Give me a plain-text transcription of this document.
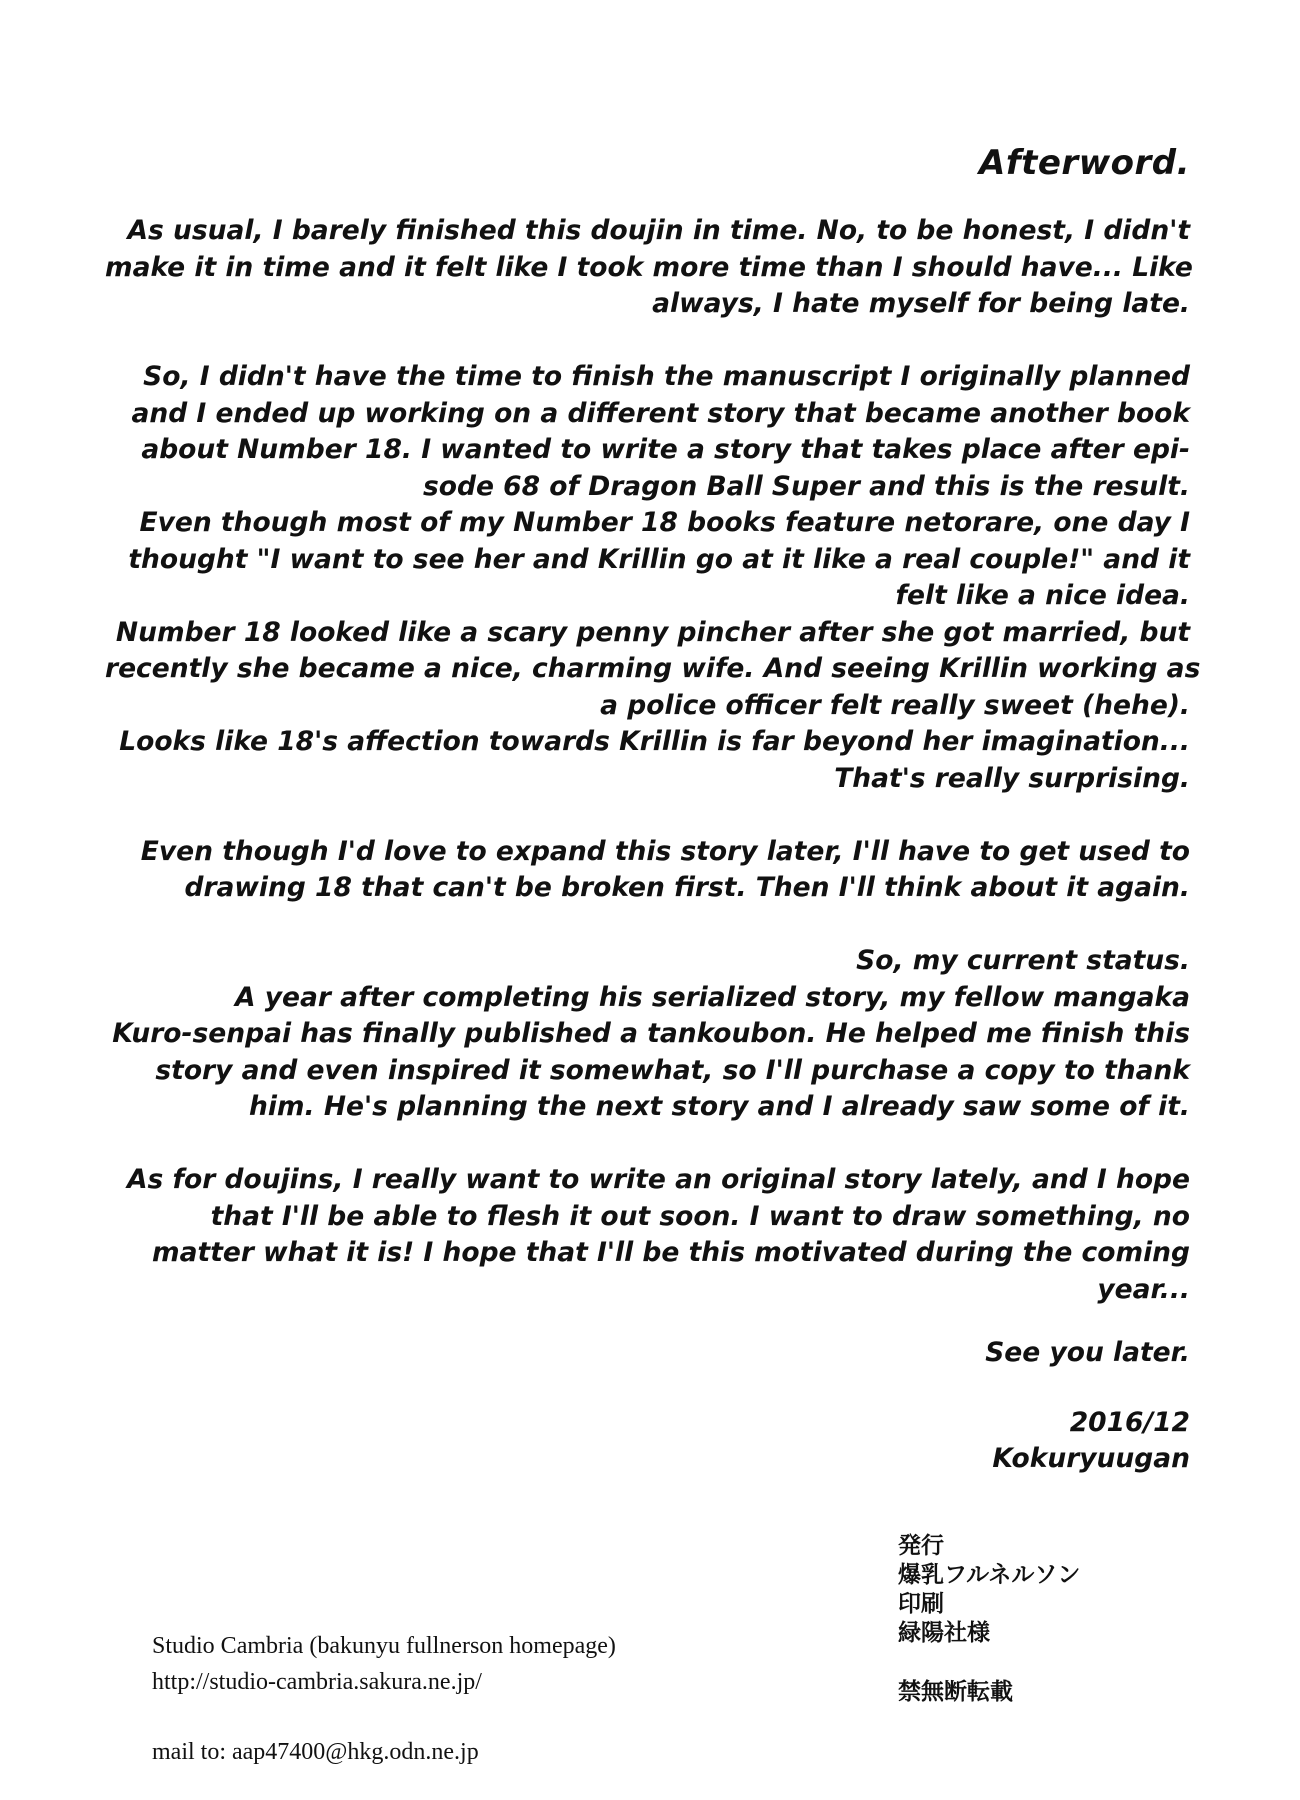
Afterword.

As usual, I barely finished this doujin in time. No, to be honest, I didn't
make it in time and it felt like I took more time than I should have... Like
always, I hate myself for being late.

So, I didn't have the time to finish the manuscript I originally planned
and I ended up working on a different story that became another book
about Number 18. I wanted to write a story that takes place after epi-
sode 68 of Dragon Ball Super and this is the result.
Even though most of my Number 18 books feature netorare, one day I
thought "I want to see her and Krillin go at it like a real couple!" and it
felt like a nice idea.
Number 18 looked like a scary penny pincher after she got married, but
recently she became a nice, charming wife. And seeing Krillin working as
a police officer felt really sweet (hehe).
Looks like 18's affection towards Krillin is far beyond her imagination...
That's really surprising.

Even though I'd love to expand this story later, I'll have to get used to
drawing 18 that can't be broken first. Then I'll think about it again.

So, my current status.
A year after completing his serialized story, my fellow mangaka
Kuro-senpai has finally published a tankoubon. He helped me finish this
story and even inspired it somewhat, so I'll purchase a copy to thank
him. He's planning the next story and I already saw some of it.

As for doujins, I really want to write an original story lately, and I hope
that I'll be able to flesh it out soon. I want to draw something, no
matter what it is! I hope that I'll be this motivated during the coming
year...

See you later.
2016/12
Kokuryuugan
Studio Cambria (bakunyu fullnerson homepage)
http://studio-cambria.sakura.ne.jp/
mail to: aap47400@hkg.odn.ne.jp
発行
爆乳フルネルソン
印刷
緑陽社様
禁無断転載
